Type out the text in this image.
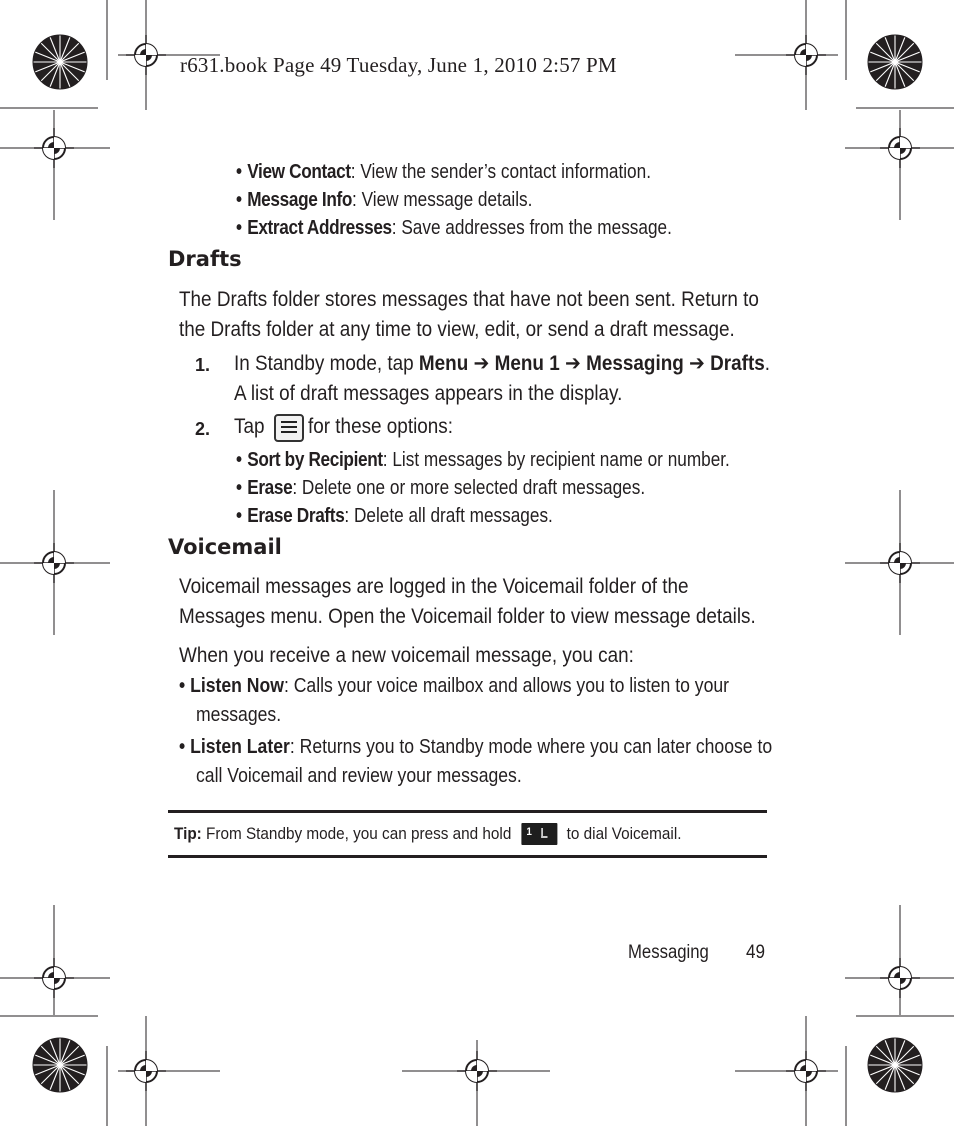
r631.book Page 49 Tuesday, June 1, 2010 2:57 PM
• View Contact: View the sender’s contact information.
• Message Info: View message details.
• Extract Addresses: Save addresses from the message.
Drafts
The Drafts folder stores messages that have not been sent. Return to
the Drafts folder at any time to view, edit, or send a draft message.
1. In Standby mode, tap Menu ➔ Menu 1 ➔ Messaging ➔ Drafts.
A list of draft messages appears in the display.
2. Tap for these options:
• Sort by Recipient: List messages by recipient name or number.
• Erase: Delete one or more selected draft messages.
• Erase Drafts: Delete all draft messages.
Voicemail
Voicemail messages are logged in the Voicemail folder of the
Messages menu. Open the Voicemail folder to view message details.
When you receive a new voicemail message, you can:
• Listen Now: Calls your voice mailbox and allows you to listen to your
messages.
• Listen Later: Returns you to Standby mode where you can later choose to
call Voicemail and review your messages.
Tip: From Standby mode, you can press and hold 1 to dial Voicemail.
Messaging	49
